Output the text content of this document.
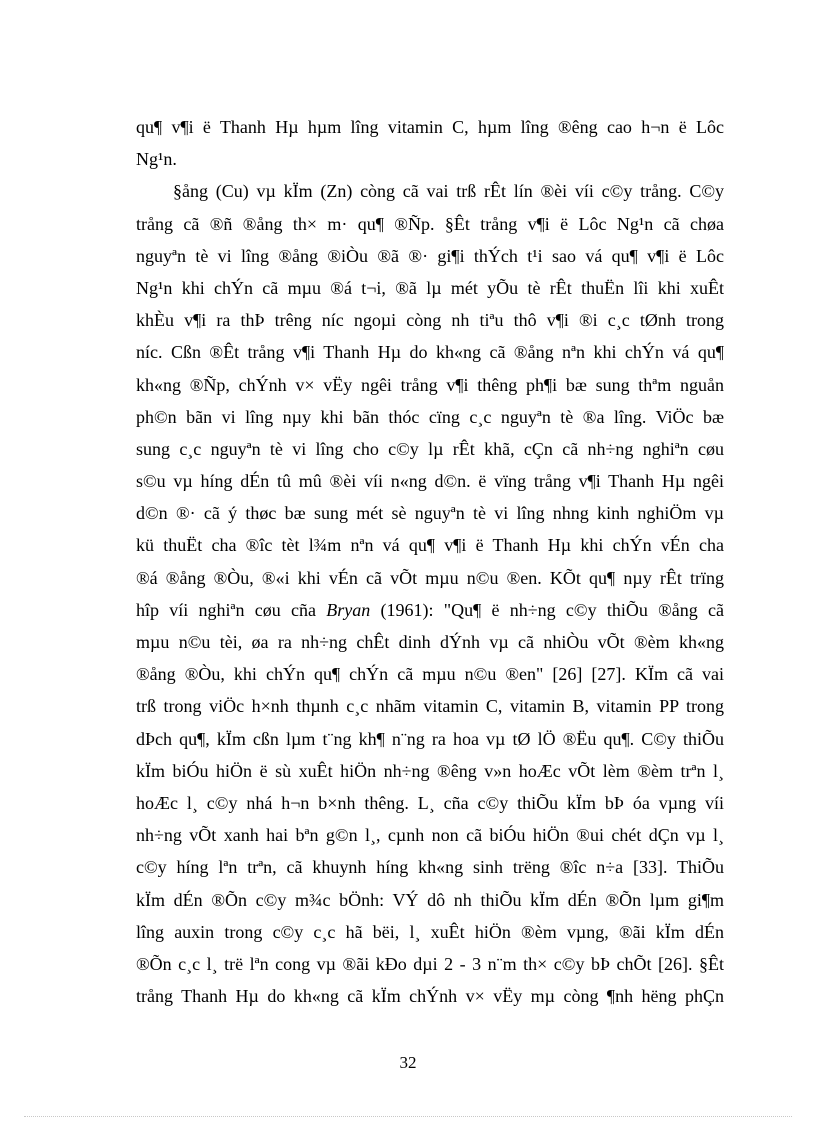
qu¶ v¶i ë Thanh Hµ hµm lîng vitamin C, hµm lîng ®êng cao h¬n ë Lôc
Ng¹n.
§ång (Cu) vµ kÏm (Zn) còng cã vai trß rÊt lín ®èi víi c©y trång. C©y
trång cã ®ñ ®ång th× m· qu¶ ®Ñp. §Êt trång v¶i ë Lôc Ng¹n cã chøa
nguyªn tè vi lîng ®ång ®iÒu ®ã ®· gi¶i thÝch t¹i sao vá qu¶ v¶i ë Lôc
Ng¹n khi chÝn cã mµu ®á t¬i, ®ã lµ mét yÕu tè rÊt thuËn lîi khi xuÊt
khÈu v¶i ra thÞ trêng níc ngoµi còng nh tiªu thô v¶i ®i c¸c tØnh trong
níc. Cßn ®Êt trång v¶i Thanh Hµ do kh«ng cã ®ång nªn khi chÝn vá qu¶
kh«ng ®Ñp, chÝnh v× vËy ngêi trång v¶i thêng ph¶i bæ sung thªm nguån
ph©n bãn vi lîng nµy khi bãn thóc cïng c¸c nguyªn tè ®a lîng. ViÖc bæ
sung c¸c nguyªn tè vi lîng cho c©y lµ rÊt khã, cÇn cã nh÷ng nghiªn cøu
s©u vµ híng dÉn tû mû ®èi víi n«ng d©n. ë vïng trång v¶i Thanh Hµ ngêi
d©n ®· cã ý thøc bæ sung mét sè nguyªn tè vi lîng nhng kinh nghiÖm vµ
kü thuËt cha ®îc tèt l¾m nªn vá qu¶ v¶i ë Thanh Hµ khi chÝn vÉn cha
®á ®ång ®Òu, ®«i khi vÉn cã vÕt mµu n©u ®en. KÕt qu¶ nµy rÊt trïng
hîp víi nghiªn cøu cña Bryan (1961): "Qu¶ ë nh÷ng c©y thiÕu ®ång cã
mµu n©u tèi, øa ra nh÷ng chÊt dinh dÝnh vµ cã nhiÒu vÕt ®èm kh«ng
®ång ®Òu, khi chÝn qu¶ chÝn cã mµu n©u ®en" [26] [27]. KÏm cã vai
trß trong viÖc h×nh thµnh c¸c nhãm vitamin C, vitamin B, vitamin PP trong
dÞch qu¶, kÏm cßn lµm t¨ng kh¶ n¨ng ra hoa vµ tØ lÖ ®Ëu qu¶. C©y thiÕu
kÏm biÓu hiÖn ë sù xuÊt hiÖn nh÷ng ®êng v»n hoÆc vÕt lèm ®èm trªn l¸
hoÆc l¸ c©y nhá h¬n b×nh thêng. L¸ cña c©y thiÕu kÏm bÞ óa vµng víi
nh÷ng vÕt xanh hai bªn g©n l¸, cµnh non cã biÓu hiÖn ®ui chét dÇn vµ l¸
c©y híng lªn trªn, cã khuynh híng kh«ng sinh trëng ®îc n÷a [33]. ThiÕu
kÏm dÉn ®Õn c©y m¾c bÖnh: VÝ dô nh thiÕu kÏm dÉn ®Õn lµm gi¶m
lîng auxin trong c©y c¸c hã bëi, l¸ xuÊt hiÖn ®èm vµng, ®ãi kÏm dÉn
®Õn c¸c l¸ trë lªn cong vµ ®ãi kÐo dµi 2 - 3 n¨m th× c©y bÞ chÕt [26]. §Êt
trång Thanh Hµ do kh«ng cã kÏm chÝnh v× vËy mµ còng ¶nh hëng phÇn
32
